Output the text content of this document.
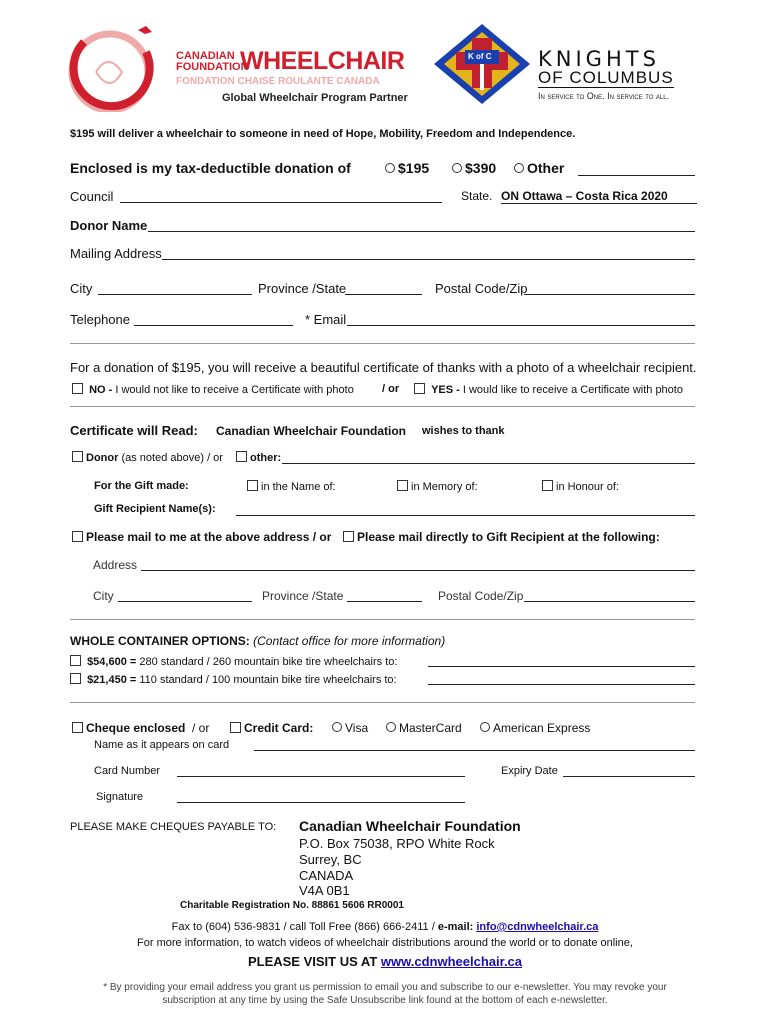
CANADIAN
FOUNDATION
WHEELCHAIR
FONDATION CHAISE ROULANTE CANADA
Global Wheelchair Program Partner
K of C KNIGHTS
OF COLUMBUS
In service to One. In service to all.
$195 will deliver a wheelchair to someone in need of Hope, Mobility, Freedom and Independence.
Enclosed is my tax-deductible donation of	$195	$390	Other
Council	State. ON Ottawa – Costa Rica 2020
Donor Name
Mailing Address
City	Province /State	Postal Code/Zip
Telephone	* Email
For a donation of $195, you will receive a beautiful certificate of thanks with a photo of a wheelchair recipient.
NO - I would not like to receive a Certificate with photo	/ or	YES - I would like to receive a Certificate with photo
Certificate will Read: Canadian Wheelchair Foundation wishes to thank
Donor (as noted above) / or	other:
For the Gift made:	in the Name of:	in Memory of:	in Honour of:
Gift Recipient Name(s):
Please mail to me at the above address / or	Please mail directly to Gift Recipient at the following:
Address
City	Province /State	Postal Code/Zip
WHOLE CONTAINER OPTIONS: (Contact office for more information)
$54,600 = 280 standard / 260 mountain bike tire wheelchairs to:
$21,450 = 110 standard / 100 mountain bike tire wheelchairs to:
Cheque enclosed / or	Credit Card:	Visa	MasterCard	American Express
Name as it appears on card
Card Number	Expiry Date
Signature
PLEASE MAKE CHEQUES PAYABLE TO: Canadian Wheelchair Foundation
P.O. Box 75038, RPO White Rock
Surrey, BC
CANADA
V4A 0B1
Charitable Registration No. 88861 5606 RR0001
Fax to (604) 536-9831 / call Toll Free (866) 666-2411 / e-mail: info@cdnwheelchair.ca
For more information, to watch videos of wheelchair distributions around the world or to donate online,
PLEASE VISIT US AT www.cdnwheelchair.ca
* By providing your email address you grant us permission to email you and subscribe to our e-newsletter. You may revoke your
subscription at any time by using the Safe Unsubscribe link found at the bottom of each e-newsletter.
